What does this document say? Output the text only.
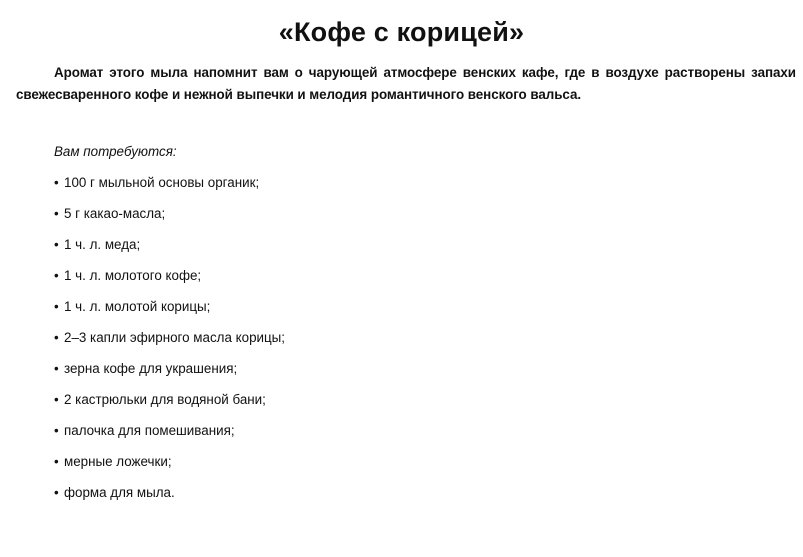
«Кофе с корицей»

Аромат этого мыла напомнит вам о чарующей атмосфере венских кафе, где в воздухе растворены запахи свежесваренного кофе и нежной выпечки и мелодия романтичного венского вальса.

Вам потребуются:

• 100 г мыльной основы органик;
• 5 г какао-масла;
• 1 ч. л. меда;
• 1 ч. л. молотого кофе;
• 1 ч. л. молотой корицы;
• 2–3 капли эфирного масла корицы;
• зерна кофе для украшения;
• 2 кастрюльки для водяной бани;
• палочка для помешивания;
• мерные ложечки;
• форма для мыла.
